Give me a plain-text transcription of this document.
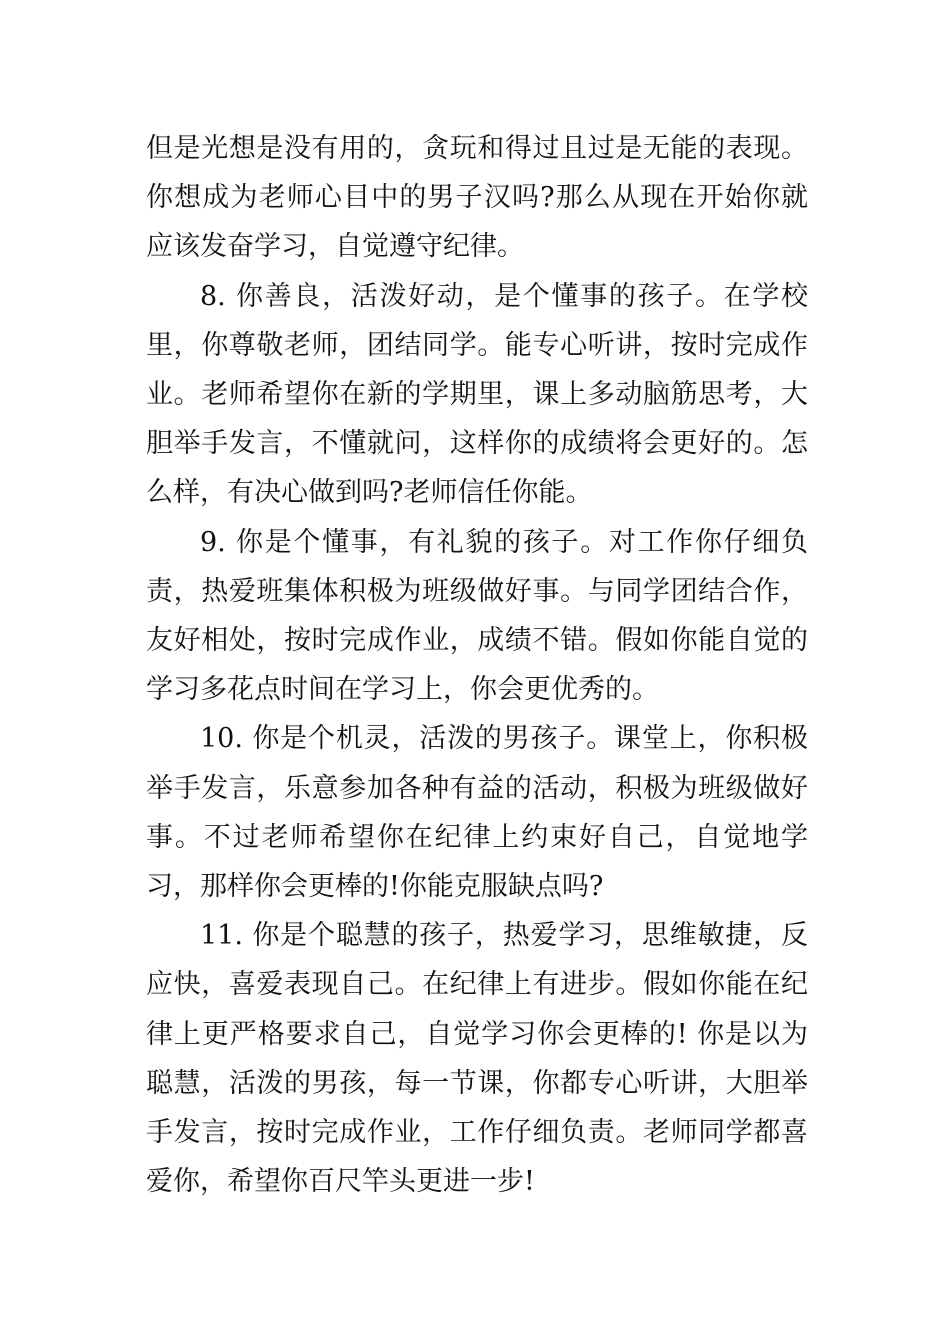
但是光想是没有用的，贪玩和得过且过是无能的表现。你想成为老师心目中的男子汉吗?那么从现在开始你就应该发奋学习，自觉遵守纪律。

8. 你善良，活泼好动，是个懂事的孩子。在学校里，你尊敬老师，团结同学。能专心听讲，按时完成作业。老师希望你在新的学期里，课上多动脑筋思考，大胆举手发言，不懂就问，这样你的成绩将会更好的。怎么样，有决心做到吗?老师信任你能。

9. 你是个懂事，有礼貌的孩子。对工作你仔细负责，热爱班集体积极为班级做好事。与同学团结合作，友好相处，按时完成作业，成绩不错。假如你能自觉的学习多花点时间在学习上，你会更优秀的。

10. 你是个机灵，活泼的男孩子。课堂上，你积极举手发言，乐意参加各种有益的活动，积极为班级做好事。不过老师希望你在纪律上约束好自己，自觉地学习，那样你会更棒的!你能克服缺点吗?

11. 你是个聪慧的孩子，热爱学习，思维敏捷，反应快，喜爱表现自己。在纪律上有进步。假如你能在纪律上更严格要求自己，自觉学习你会更棒的! 你是以为聪慧，活泼的男孩，每一节课，你都专心听讲，大胆举手发言，按时完成作业，工作仔细负责。老师同学都喜爱你，希望你百尺竿头更进一步!
